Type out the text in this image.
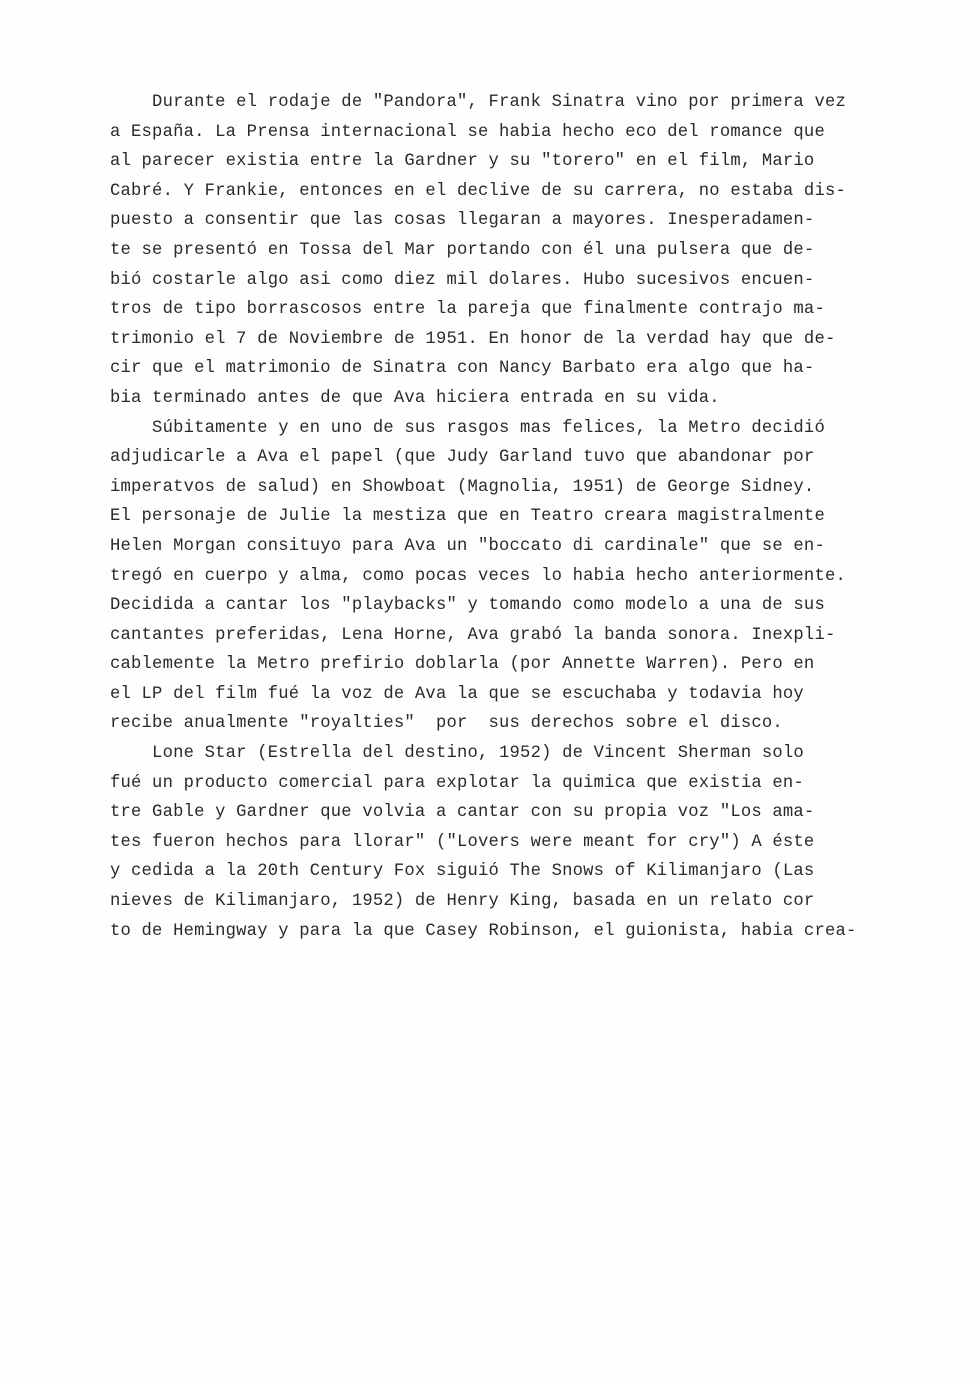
Durante el rodaje de "Pandora", Frank Sinatra vino por primera vez
a España. La Prensa internacional se habia hecho eco del romance que
al parecer existia entre la Gardner y su "torero" en el film, Mario
Cabré. Y Frankie, entonces en el declive de su carrera, no estaba dis-
puesto a consentir que las cosas llegaran a mayores. Inesperadamen-
te se presentó en Tossa del Mar portando con él una pulsera que de-
bió costarle algo asi como diez mil dolares. Hubo sucesivos encuen-
tros de tipo borrascosos entre la pareja que finalmente contrajo ma-
trimonio el 7 de Noviembre de 1951. En honor de la verdad hay que de-
cir que el matrimonio de Sinatra con Nancy Barbato era algo que ha-
bia terminado antes de que Ava hiciera entrada en su vida.
Súbitamente y en uno de sus rasgos mas felices, la Metro decidió
adjudicarle a Ava el papel (que Judy Garland tuvo que abandonar por
imperatvos de salud) en Showboat (Magnolia, 1951) de George Sidney.
El personaje de Julie la mestiza que en Teatro creara magistralmente
Helen Morgan consituyo para Ava un "boccato di cardinale" que se en-
tregó en cuerpo y alma, como pocas veces lo habia hecho anteriormente.
Decidida a cantar los "playbacks" y tomando como modelo a una de sus
cantantes preferidas, Lena Horne, Ava grabó la banda sonora. Inexpli-
cablemente la Metro prefirio doblarla (por Annette Warren). Pero en
el LP del film fué la voz de Ava la que se escuchaba y todavia hoy
recibe anualmente "royalties"  por  sus derechos sobre el disco.
Lone Star (Estrella del destino, 1952) de Vincent Sherman solo
fué un producto comercial para explotar la quimica que existia en-
tre Gable y Gardner que volvia a cantar con su propia voz "Los ama-
tes fueron hechos para llorar" ("Lovers were meant for cry") A éste
y cedida a la 20th Century Fox siguió The Snows of Kilimanjaro (Las
nieves de Kilimanjaro, 1952) de Henry King, basada en un relato cor
to de Hemingway y para la que Casey Robinson, el guionista, habia crea-
